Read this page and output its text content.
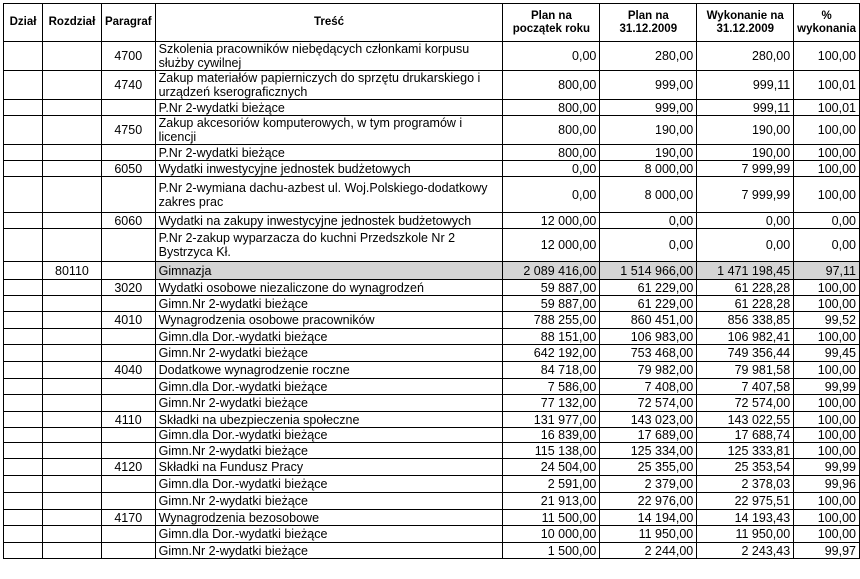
Dział	Rozdział	Paragraf	Treść	Plan na początek roku	Plan na 31.12.2009	Wykonanie na 31.12.2009	% wykonania
		4700	Szkolenia pracowników niebędących członkami korpusu służby cywilnej	0,00	280,00	280,00	100,00
		4740	Zakup materiałów papierniczych do sprzętu drukarskiego i urządzeń kserograficznych	800,00	999,00	999,11	100,01
			P.Nr 2-wydatki bieżące	800,00	999,00	999,11	100,01
		4750	Zakup akcesoriów komputerowych, w tym programów i licencji	800,00	190,00	190,00	100,00
			P.Nr 2-wydatki bieżące	800,00	190,00	190,00	100,00
		6050	Wydatki inwestycyjne jednostek budżetowych	0,00	8 000,00	7 999,99	100,00
			P.Nr 2-wymiana dachu-azbest ul. Woj.Polskiego-dodatkowy zakres prac	0,00	8 000,00	7 999,99	100,00
		6060	Wydatki na zakupy inwestycyjne jednostek budżetowych	12 000,00	0,00	0,00	0,00
			P.Nr 2-zakup wyparzacza do kuchni Przedszkole Nr 2 Bystrzyca Kł.	12 000,00	0,00	0,00	0,00
	80110		Gimnazja	2 089 416,00	1 514 966,00	1 471 198,45	97,11
		3020	Wydatki osobowe niezaliczone do wynagrodzeń	59 887,00	61 229,00	61 228,28	100,00
			Gimn.Nr 2-wydatki bieżące	59 887,00	61 229,00	61 228,28	100,00
		4010	Wynagrodzenia osobowe pracowników	788 255,00	860 451,00	856 338,85	99,52
			Gimn.dla Dor.-wydatki bieżące	88 151,00	106 983,00	106 982,41	100,00
			Gimn.Nr 2-wydatki bieżące	642 192,00	753 468,00	749 356,44	99,45
		4040	Dodatkowe wynagrodzenie roczne	84 718,00	79 982,00	79 981,58	100,00
			Gimn.dla Dor.-wydatki bieżące	7 586,00	7 408,00	7 407,58	99,99
			Gimn.Nr 2-wydatki bieżące	77 132,00	72 574,00	72 574,00	100,00
		4110	Składki na ubezpieczenia społeczne	131 977,00	143 023,00	143 022,55	100,00
			Gimn.dla Dor.-wydatki bieżące	16 839,00	17 689,00	17 688,74	100,00
			Gimn.Nr 2-wydatki bieżące	115 138,00	125 334,00	125 333,81	100,00
		4120	Składki na Fundusz Pracy	24 504,00	25 355,00	25 353,54	99,99
			Gimn.dla Dor.-wydatki bieżące	2 591,00	2 379,00	2 378,03	99,96
			Gimn.Nr 2-wydatki bieżące	21 913,00	22 976,00	22 975,51	100,00
		4170	Wynagrodzenia bezosobowe	11 500,00	14 194,00	14 193,43	100,00
			Gimn.dla Dor.-wydatki bieżące	10 000,00	11 950,00	11 950,00	100,00
			Gimn.Nr 2-wydatki bieżące	1 500,00	2 244,00	2 243,43	99,97
